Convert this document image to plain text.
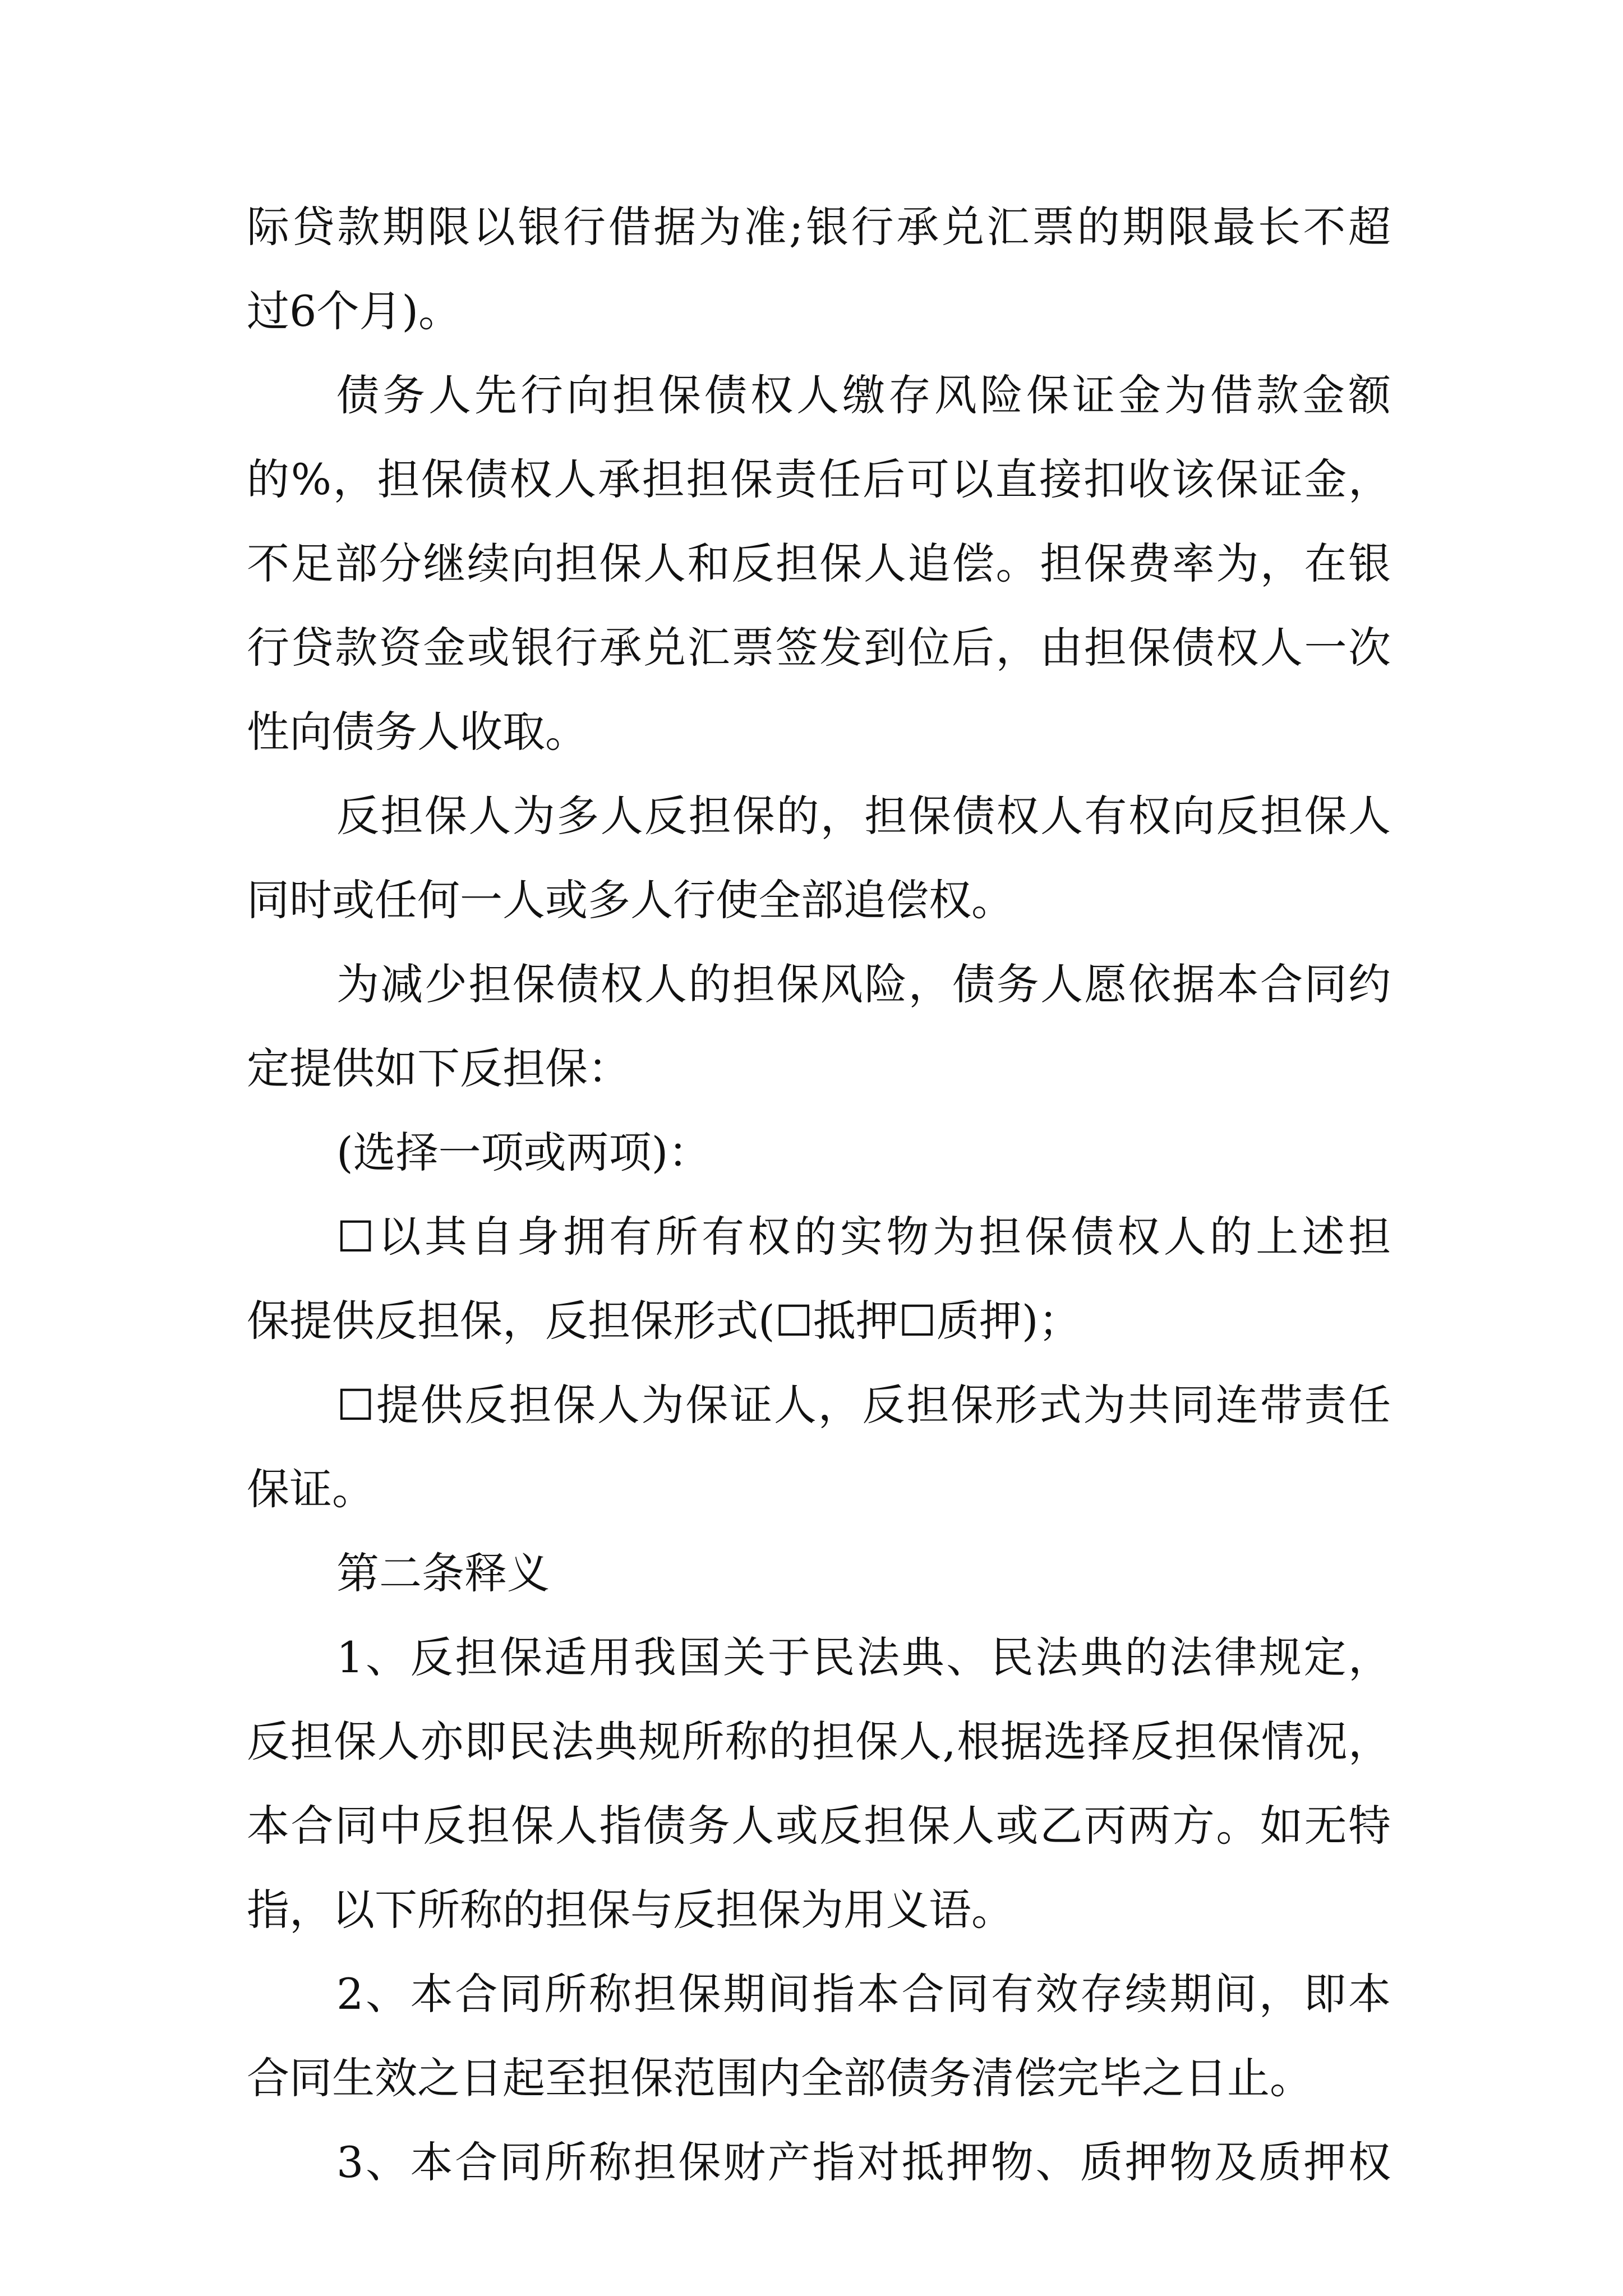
际贷款期限以银行借据为准;银行承兑汇票的期限最长不超
过6个月)。
债务人先行向担保债权人缴存风险保证金为借款金额
的%，担保债权人承担担保责任后可以直接扣收该保证金，
不足部分继续向担保人和反担保人追偿。担保费率为，在银
行贷款资金或银行承兑汇票签发到位后，由担保债权人一次
性向债务人收取。
反担保人为多人反担保的，担保债权人有权向反担保人
同时或任何一人或多人行使全部追偿权。
为减少担保债权人的担保风险，债务人愿依据本合同约
定提供如下反担保：
(选择一项或两项)：
☐以其自身拥有所有权的实物为担保债权人的上述担
保提供反担保，反担保形式(☐抵押☐质押)；
☐提供反担保人为保证人，反担保形式为共同连带责任
保证。
第二条释义
1、反担保适用我国关于民法典、民法典的法律规定，
反担保人亦即民法典规所称的担保人,根据选择反担保情况，
本合同中反担保人指债务人或反担保人或乙丙两方。如无特
指，以下所称的担保与反担保为用义语。
2、本合同所称担保期间指本合同有效存续期间，即本
合同生效之日起至担保范围内全部债务清偿完毕之日止。
3、本合同所称担保财产指对抵押物、质押物及质押权
